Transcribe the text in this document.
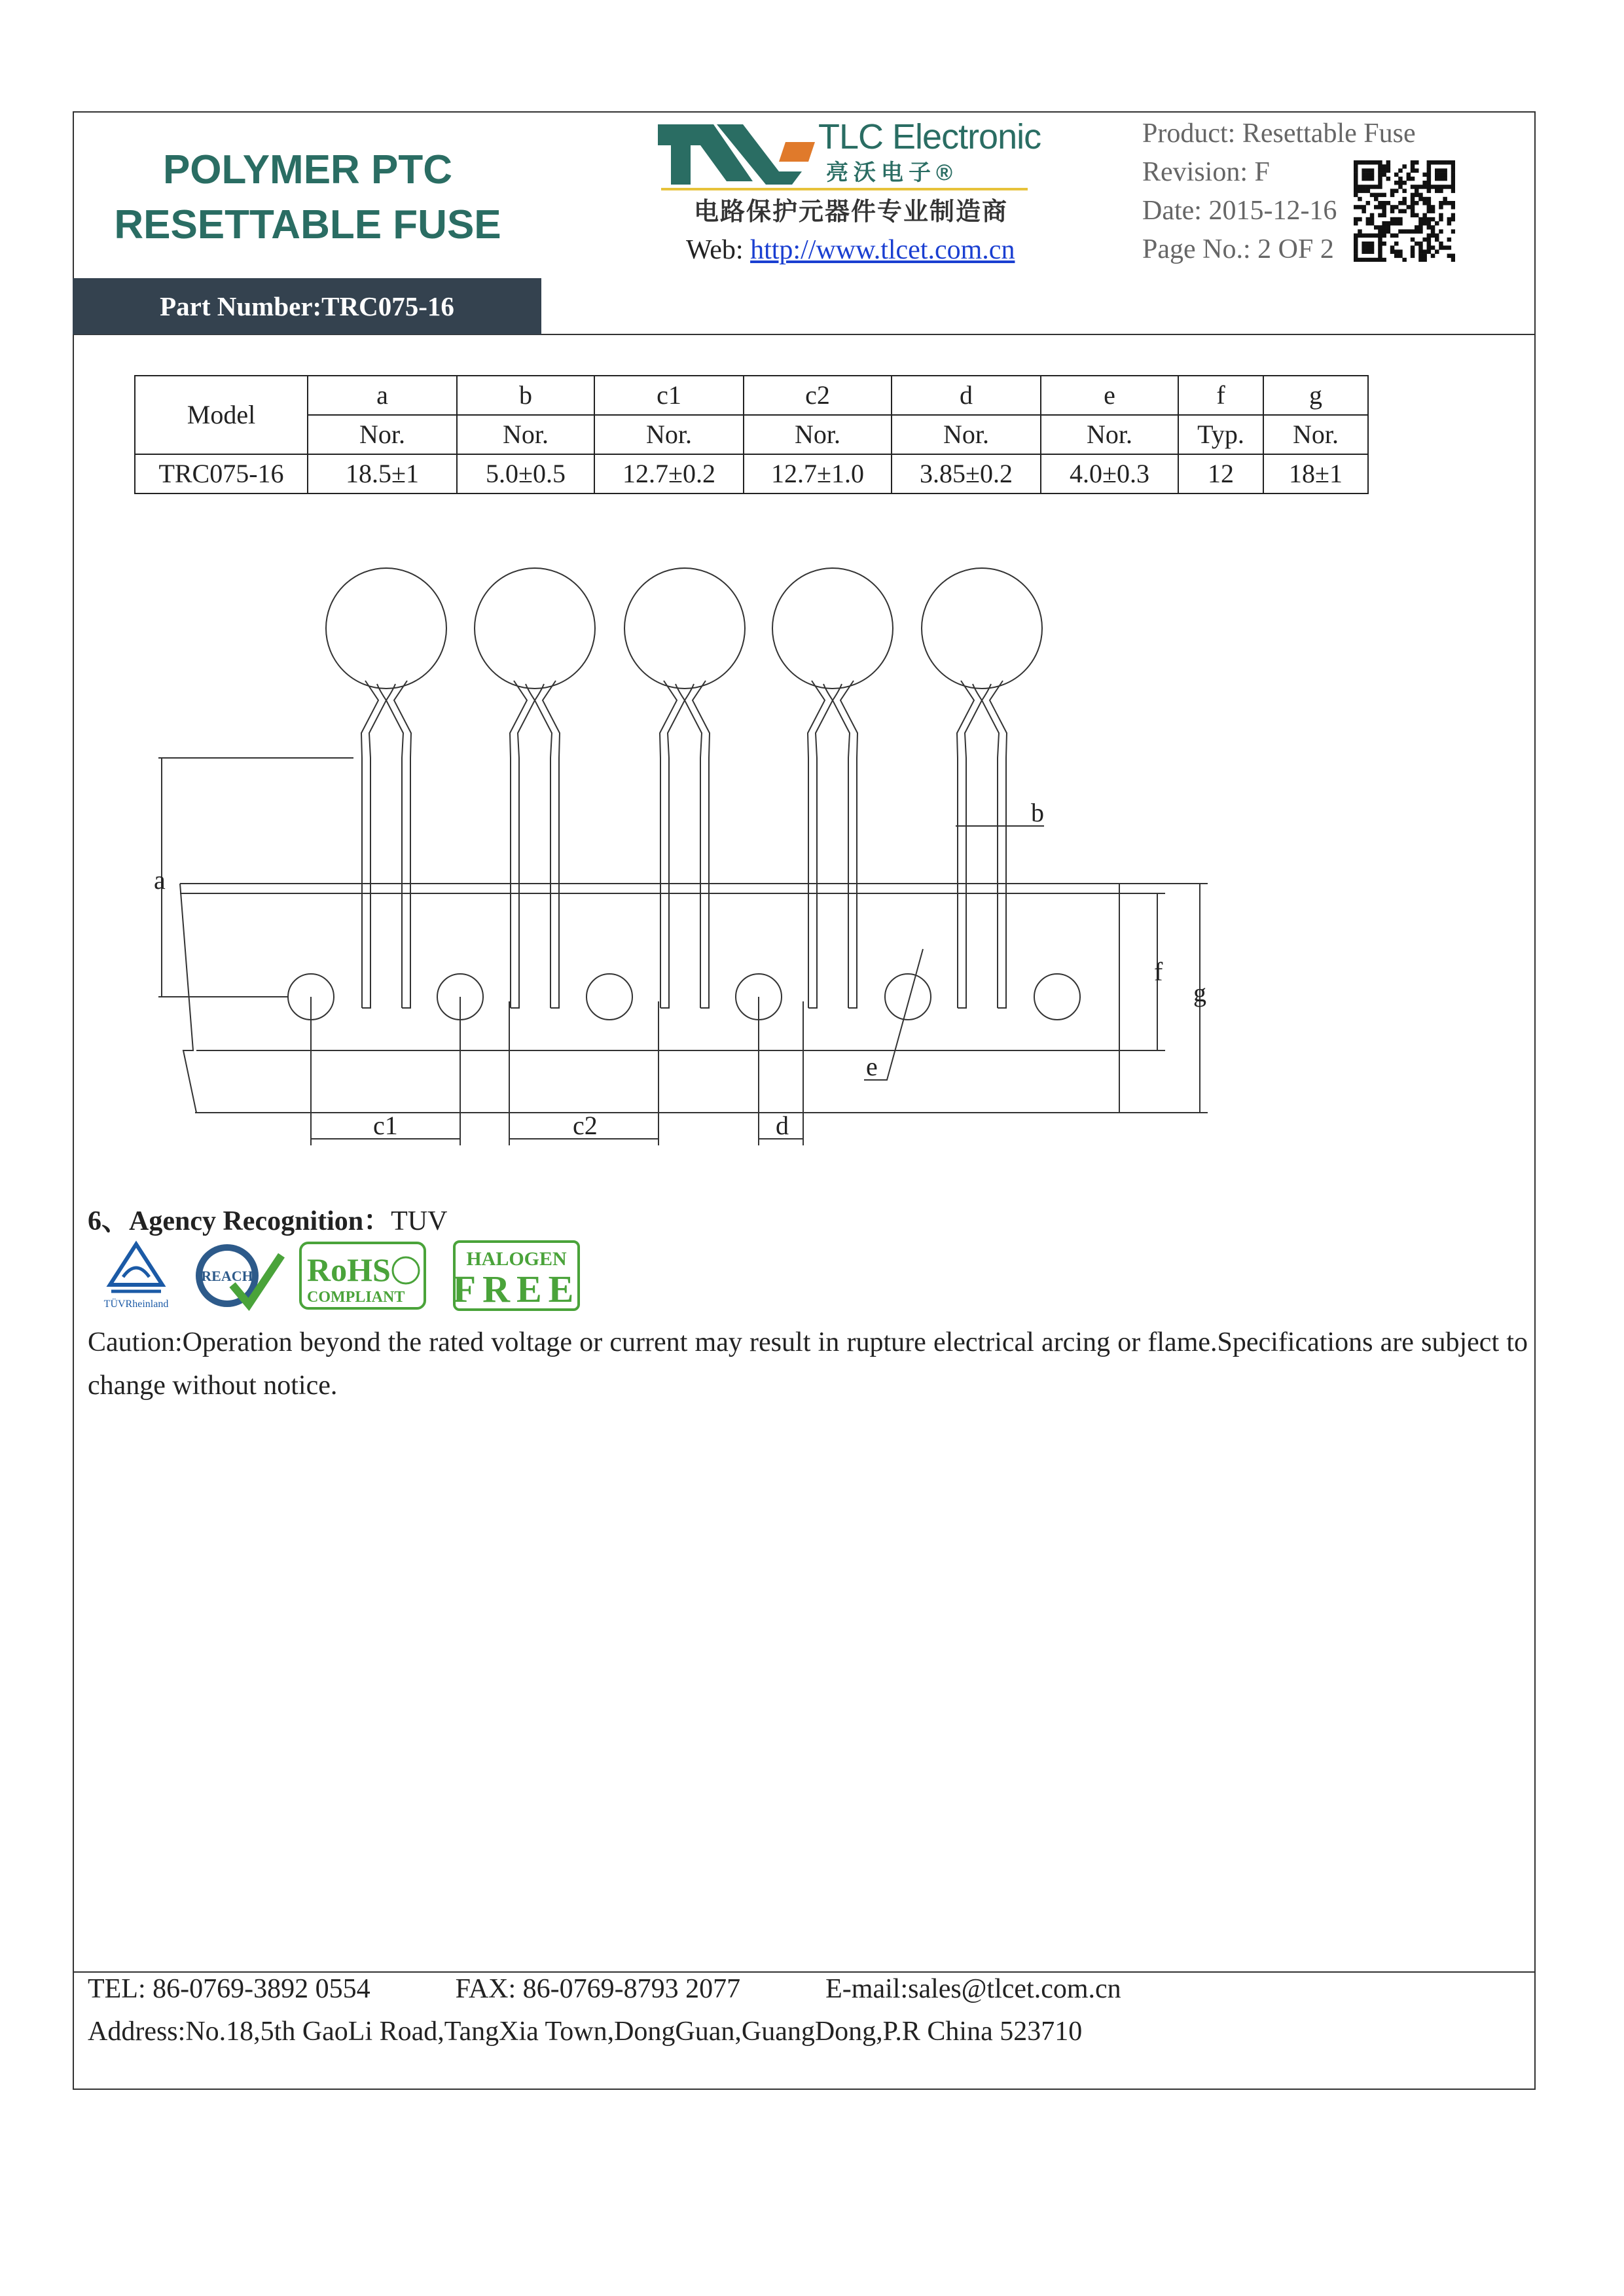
POLYMER PTC
RESETTABLE FUSE
Part Number:TRC075-16
TLC Electronic
亮沃电子®
电路保护元器件专业制造商
Web: http://www.tlcet.com.cn
Product: Resettable Fuse
Revision: F
Date: 2015-12-16
Page No.: 2 OF 2
Model	a	b	c1	c2	d	e	f	g
	Nor.	Nor.	Nor.	Nor.	Nor.	Nor.	Typ.	Nor.
TRC075-16	18.5±1	5.0±0.5	12.7±0.2	12.7±1.0	3.85±0.2	4.0±0.3	12	18±1
a
b
c1	c2	d
e
f
g
6、Agency Recognition：TUV
TÜVRheinland
REACH RoHS
COMPLIANT
HALOGEN
FREE
Caution:Operation beyond the rated voltage or current may result in rupture electrical arcing or flame.Specifications are subject to change without notice.
TEL: 86-0769-3892 0554	FAX: 86-0769-8793 2077	E-mail:sales@tlcet.com.cn
Address:No.18,5th GaoLi Road,TangXia Town,DongGuan,GuangDong,P.R China 523710
